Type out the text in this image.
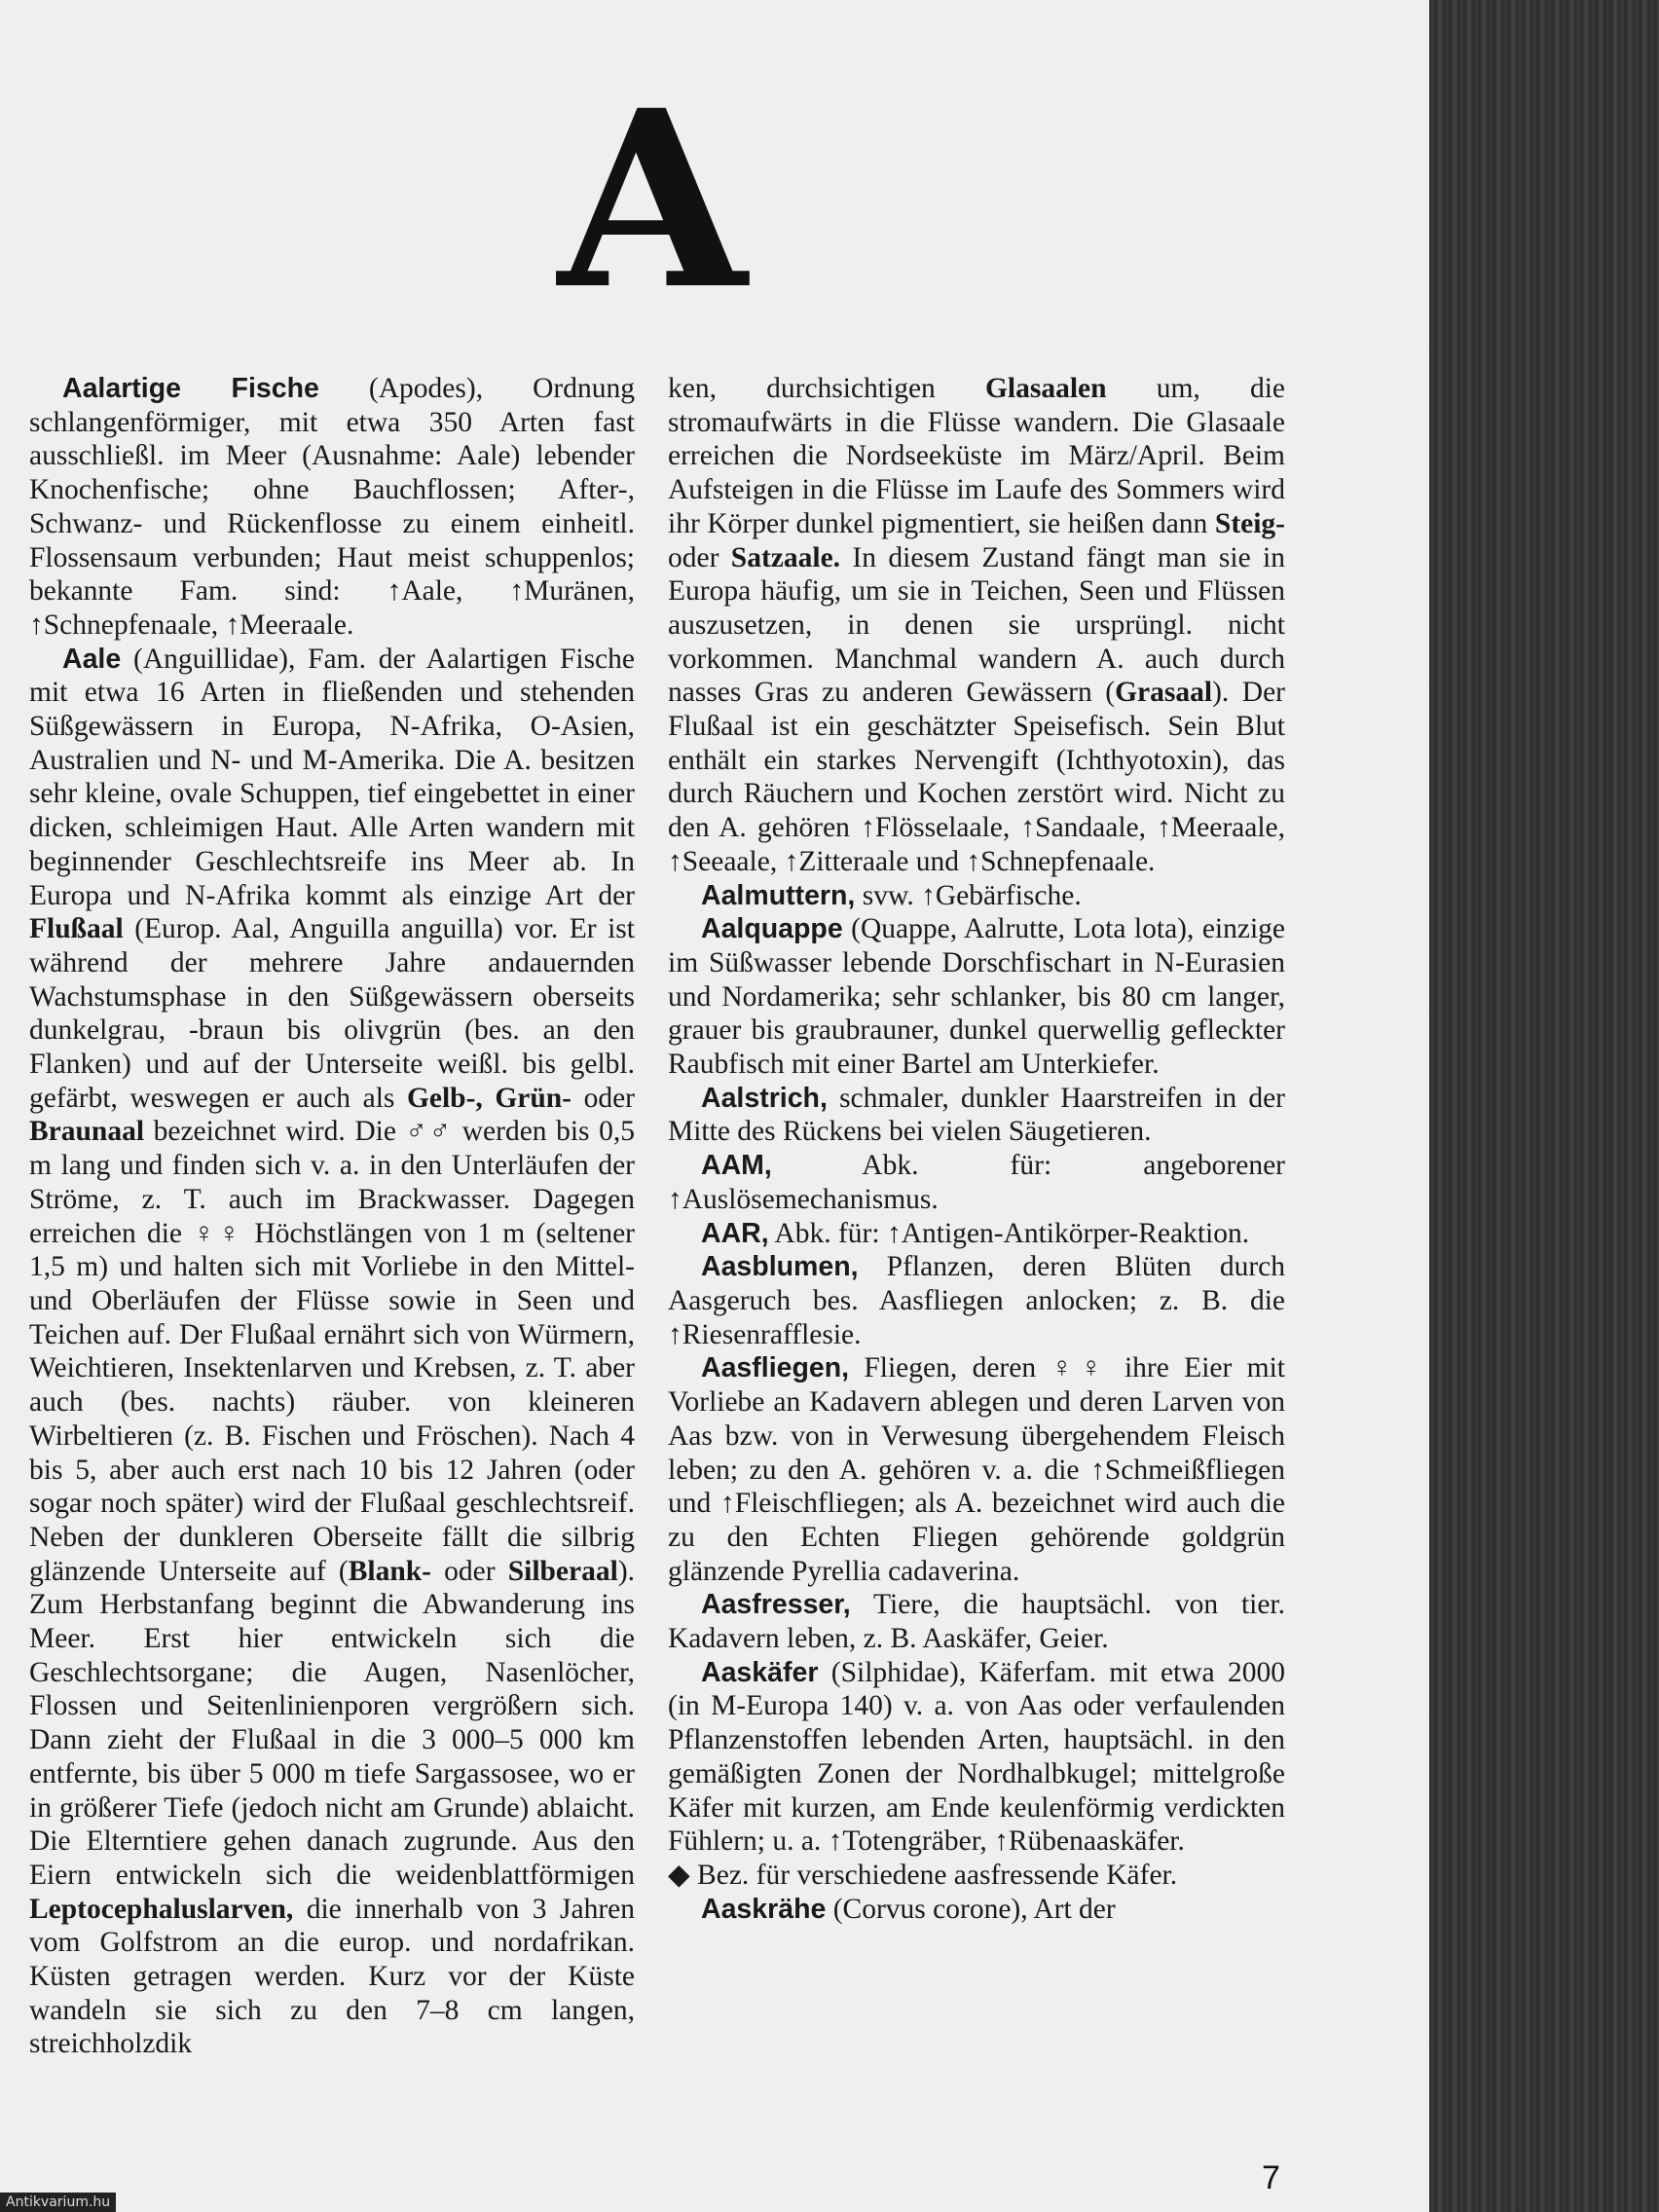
A

Aalartige Fische (Apodes), Ordnung schlangenförmiger, mit etwa 350 Arten fast ausschließl. im Meer (Ausnahme: Aale) lebender Knochenfische; ohne Bauchflossen; After-, Schwanz- und Rückenflosse zu einem einheitl. Flossensaum verbunden; Haut meist schuppenlos; bekannte Fam. sind: ↑Aale, ↑Muränen, ↑Schnepfenaale, ↑Meeraale.

Aale (Anguillidae), Fam. der Aalartigen Fische mit etwa 16 Arten in fließenden und stehenden Süßgewässern in Europa, N-Afrika, O-Asien, Australien und N- und M-Amerika. Die A. besitzen sehr kleine, ovale Schuppen, tief eingebettet in einer dicken, schleimigen Haut. Alle Arten wandern mit beginnender Geschlechtsreife ins Meer ab. In Europa und N-Afrika kommt als einzige Art der Flußaal (Europ. Aal, Anguilla anguilla) vor. Er ist während der mehrere Jahre andauernden Wachstumsphase in den Süßgewässern oberseits dunkelgrau, -braun bis olivgrün (bes. an den Flanken) und auf der Unterseite weißl. bis gelbl. gefärbt, weswegen er auch als Gelb-, Grün- oder Braunaal bezeichnet wird. Die ♂♂ werden bis 0,5 m lang und finden sich v. a. in den Unterläufen der Ströme, z. T. auch im Brackwasser. Dagegen erreichen die ♀♀ Höchstlängen von 1 m (seltener 1,5 m) und halten sich mit Vorliebe in den Mittel- und Oberläufen der Flüsse sowie in Seen und Teichen auf. Der Flußaal ernährt sich von Würmern, Weichtieren, Insektenlarven und Krebsen, z. T. aber auch (bes. nachts) räuber. von kleineren Wirbeltieren (z. B. Fischen und Fröschen). Nach 4 bis 5, aber auch erst nach 10 bis 12 Jahren (oder sogar noch später) wird der Flußaal geschlechtsreif. Neben der dunkleren Oberseite fällt die silbrig glänzende Unterseite auf (Blank- oder Silberaal). Zum Herbstanfang beginnt die Abwanderung ins Meer. Erst hier entwickeln sich die Geschlechtsorgane; die Augen, Nasenlöcher, Flossen und Seitenlinienporen vergrößern sich. Dann zieht der Flußaal in die 3 000–5 000 km entfernte, bis über 5 000 m tiefe Sargassosee, wo er in größerer Tiefe (jedoch nicht am Grunde) ablaicht. Die Elterntiere gehen danach zugrunde. Aus den Eiern entwickeln sich die weidenblattförmigen Leptocephaluslarven, die innerhalb von 3 Jahren vom Golfstrom an die europ. und nordafrikan. Küsten getragen werden. Kurz vor der Küste wandeln sie sich zu den 7–8 cm langen, streichholzdik

ken, durchsichtigen Glasaalen um, die stromaufwärts in die Flüsse wandern. Die Glasaale erreichen die Nordseeküste im März/April. Beim Aufsteigen in die Flüsse im Laufe des Sommers wird ihr Körper dunkel pigmentiert, sie heißen dann Steig- oder Satzaale. In diesem Zustand fängt man sie in Europa häufig, um sie in Teichen, Seen und Flüssen auszusetzen, in denen sie ursprüngl. nicht vorkommen. Manchmal wandern A. auch durch nasses Gras zu anderen Gewässern (Grasaal). Der Flußaal ist ein geschätzter Speisefisch. Sein Blut enthält ein starkes Nervengift (Ichthyotoxin), das durch Räuchern und Kochen zerstört wird. Nicht zu den A. gehören ↑Flösselaale, ↑Sandaale, ↑Meeraale, ↑Seeaale, ↑Zitteraale und ↑Schnepfenaale.

Aalmuttern, svw. ↑Gebärfische.

Aalquappe (Quappe, Aalrutte, Lota lota), einzige im Süßwasser lebende Dorschfischart in N-Eurasien und Nordamerika; sehr schlanker, bis 80 cm langer, grauer bis graubrauner, dunkel querwellig gefleckter Raubfisch mit einer Bartel am Unterkiefer.

Aalstrich, schmaler, dunkler Haarstreifen in der Mitte des Rückens bei vielen Säugetieren.

AAM, Abk. für: angeborener ↑Auslösemechanismus.

AAR, Abk. für: ↑Antigen-Antikörper-Reaktion.

Aasblumen, Pflanzen, deren Blüten durch Aasgeruch bes. Aasfliegen anlocken; z. B. die ↑Riesenrafflesie.

Aasfliegen, Fliegen, deren ♀♀ ihre Eier mit Vorliebe an Kadavern ablegen und deren Larven von Aas bzw. von in Verwesung übergehendem Fleisch leben; zu den A. gehören v. a. die ↑Schmeißfliegen und ↑Fleischfliegen; als A. bezeichnet wird auch die zu den Echten Fliegen gehörende goldgrün glänzende Pyrellia cadaverina.

Aasfresser, Tiere, die hauptsächl. von tier. Kadavern leben, z. B. Aaskäfer, Geier.

Aaskäfer (Silphidae), Käferfam. mit etwa 2000 (in M-Europa 140) v. a. von Aas oder verfaulenden Pflanzenstoffen lebenden Arten, hauptsächl. in den gemäßigten Zonen der Nordhalbkugel; mittelgroße Käfer mit kurzen, am Ende keulenförmig verdickten Fühlern; u. a. ↑Totengräber, ↑Rübenaaskäfer.

◆ Bez. für verschiedene aasfressende Käfer.

Aaskrähe (Corvus corone), Art der

7
Antikvarium.hu
